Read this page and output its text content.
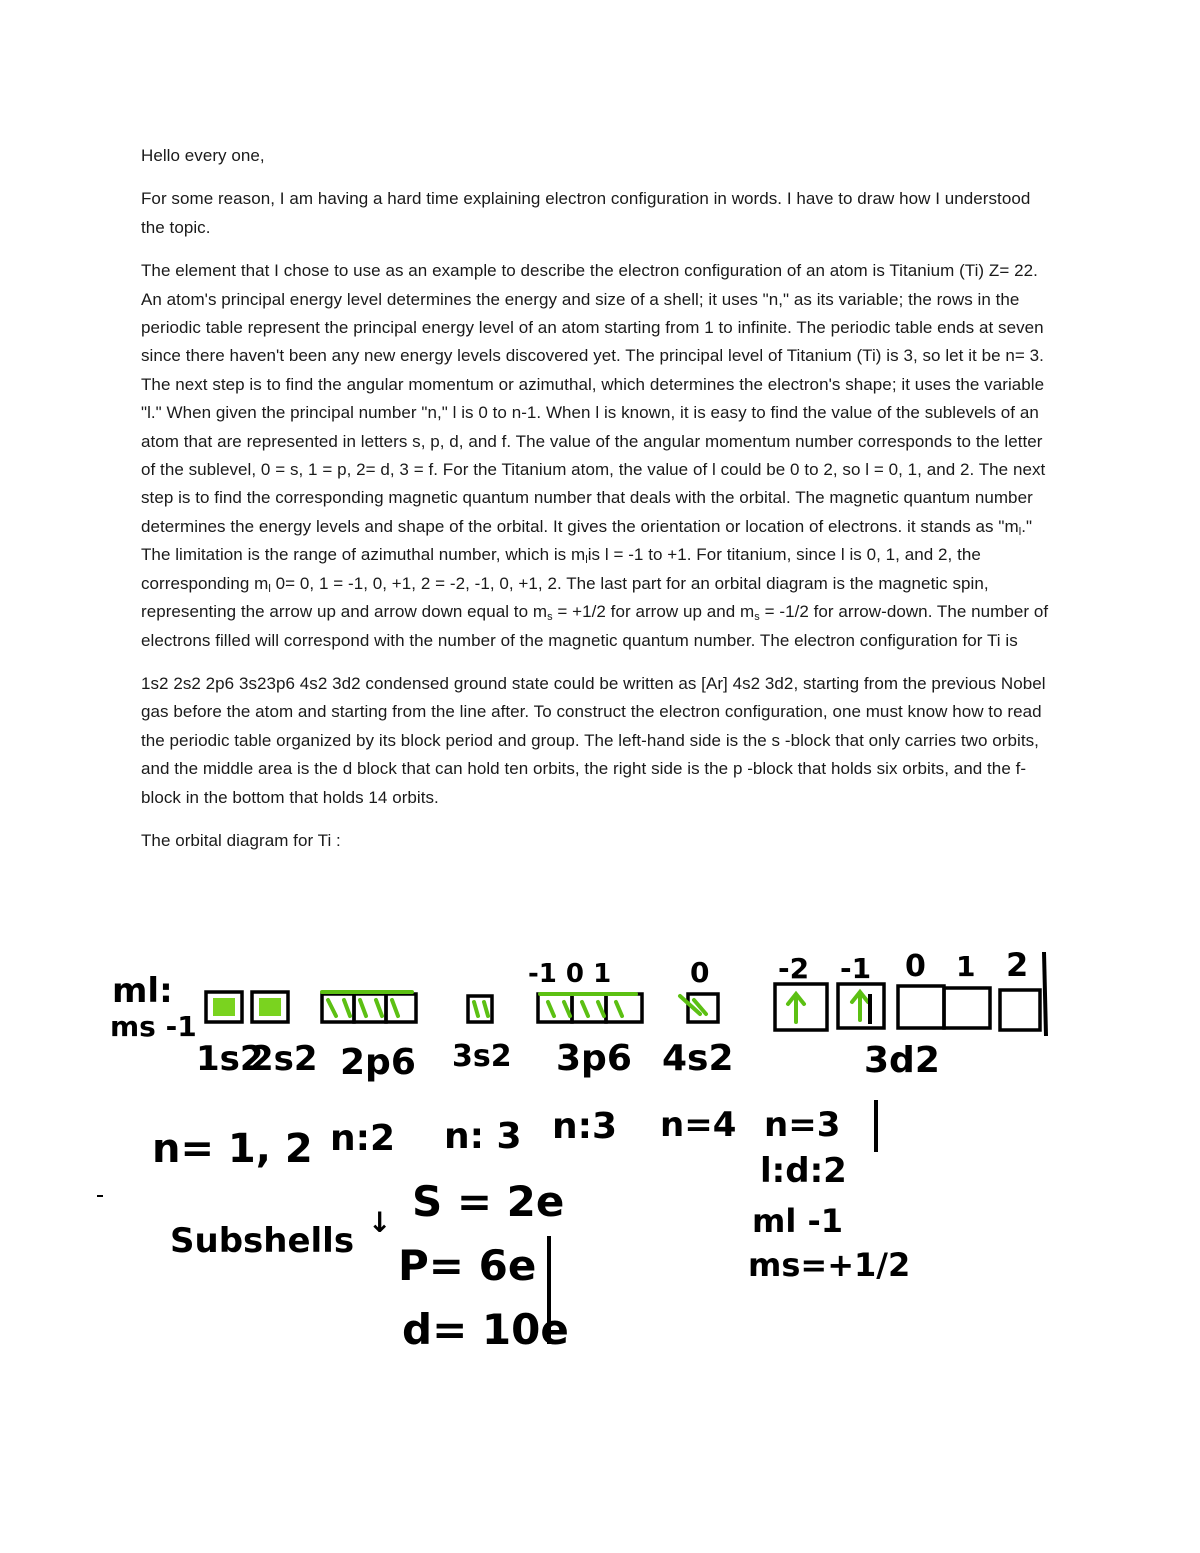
Hello every one,

For some reason, I am having a hard time explaining electron configuration in words. I have to draw how I understood the topic.

The element that I chose to use as an example to describe the electron configuration of an atom is Titanium (Ti) Z= 22. An atom's principal energy level determines the energy and size of a shell; it uses "n," as its variable; the rows in the periodic table represent the principal energy level of an atom starting from 1 to infinite. The periodic table ends at seven since there haven't been any new energy levels discovered yet. The principal level of Titanium (Ti) is 3, so let it be n= 3. The next step is to find the angular momentum or azimuthal, which determines the electron's shape; it uses the variable "l." When given the principal number "n," l is 0 to n-1. When l is known, it is easy to find the value of the sublevels of an atom that are represented in letters s, p, d, and f. The value of the angular momentum number corresponds to the letter of the sublevel, 0 = s, 1 = p, 2= d, 3 = f. For the Titanium atom, the value of l could be 0 to 2, so l = 0, 1, and 2. The next step is to find the corresponding magnetic quantum number that deals with the orbital. The magnetic quantum number determines the energy levels and shape of the orbital. It gives the orientation or location of electrons. it stands as "$m_l$." The limitation is the range of azimuthal number, which is $m_lis$ l = -1 to +1. For titanium, since l is 0, 1, and 2, the corresponding $m_l$ 0= 0, 1 = -1, 0, +1, 2 = -2, -1, 0, +1, 2. The last part for an orbital diagram is the magnetic spin, representing the arrow up and arrow down equal to $m_s = +1/2$ for arrow up and $m_s = -1/2$ for arrow-down. The number of electrons filled will correspond with the number of the magnetic quantum number. The electron configuration for Ti is

1s2 2s2 2p6 3s23p6 4s2 3d2 condensed ground state could be written as [Ar] 4s2 3d2, starting from the previous Nobel gas before the atom and starting from the line after. To construct the electron configuration, one must know how to read the periodic table organized by its block period and group. The left-hand side is the s -block that only carries two orbits, and the middle area is the d block that can hold ten orbits, the right side is the p -block that holds six orbits, and the f- block in the bottom that holds 14 orbits.

The orbital diagram for Ti :

ml:
ms -1
-1 0 1	0 -2 -1 0 1 2
1s2
2s2 2p6 3s2 3p6 4s2	3d2
n= 1, 2 n:2 n: 3 n:3 n=4 n=3
l:d:2
ml -1
ms=+1/2
Subshells ↓ S = 2e
P= 6e
d= 10e
